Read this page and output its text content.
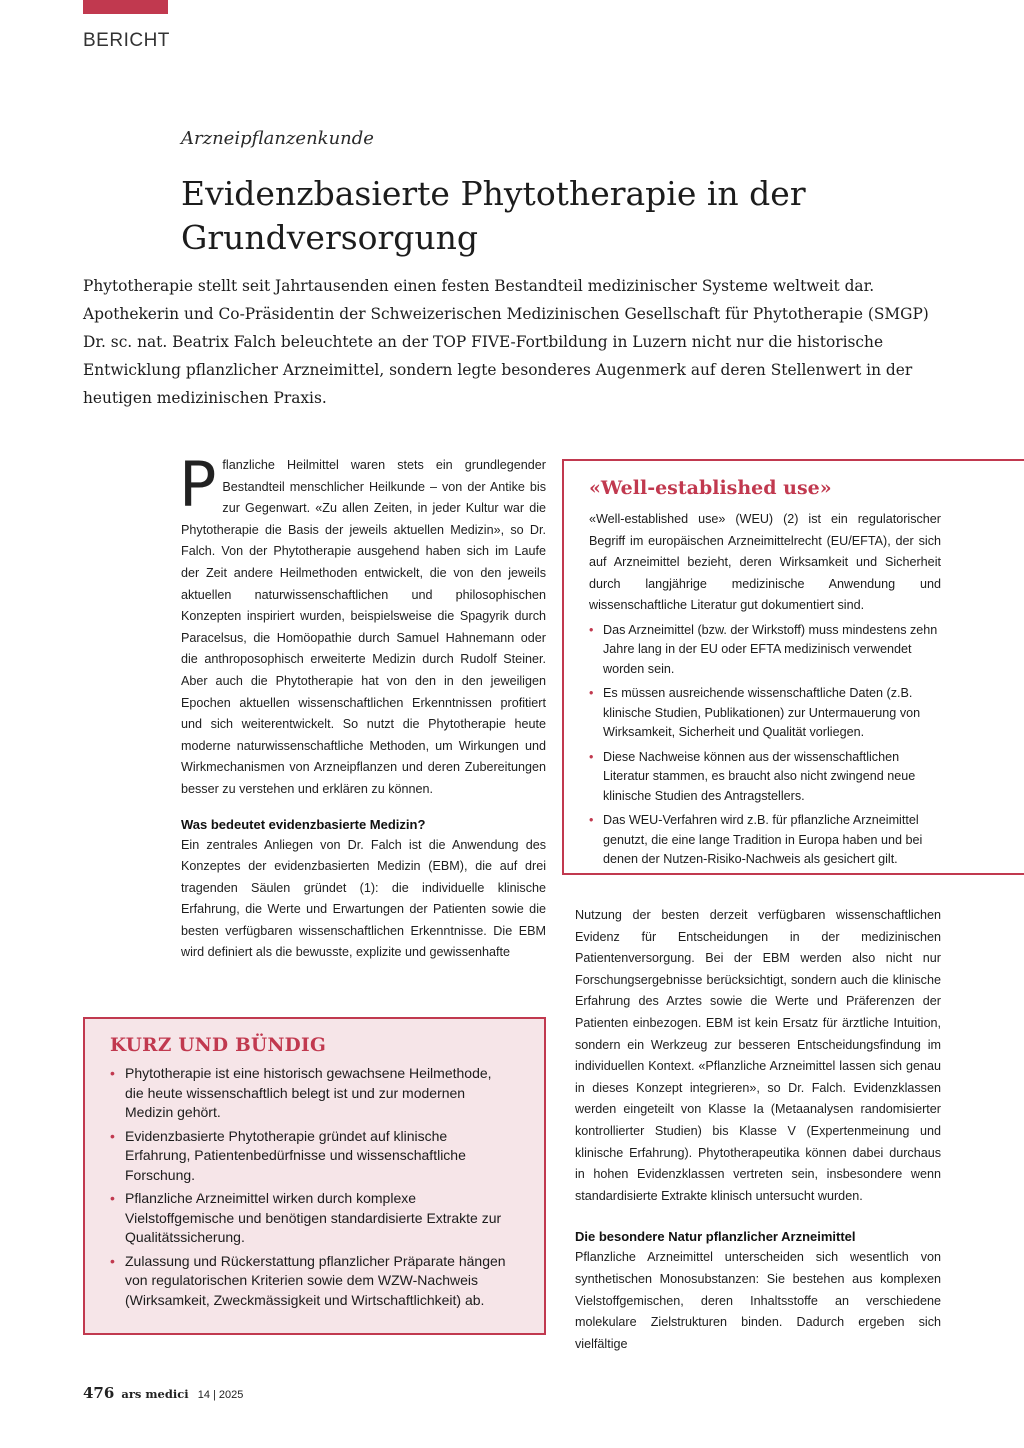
BERICHT
Arzneipflanzenkunde
Evidenzbasierte Phytotherapie in der Grundversorgung

Phytotherapie stellt seit Jahrtausenden einen festen Bestandteil medizinischer Systeme weltweit dar. Apothekerin und Co-Präsidentin der Schweizerischen Medizinischen Gesellschaft für Phytotherapie (SMGP) Dr. sc. nat. Beatrix Falch beleuchtete an der TOP FIVE-Fortbildung in Luzern nicht nur die historische Entwicklung pflanzlicher Arzneimittel, sondern legte besonderes Augenmerk auf deren Stellenwert in der heutigen medizinischen Praxis.

Pflanzliche Heilmittel waren stets ein grundlegender Bestandteil menschlicher Heilkunde – von der Antike bis zur Gegenwart. «Zu allen Zeiten, in jeder Kultur war die Phytotherapie die Basis der jeweils aktuellen Medizin», so Dr. Falch. Von der Phytotherapie ausgehend haben sich im Laufe der Zeit andere Heilmethoden entwickelt, die von den jeweils aktuellen naturwissenschaftlichen und philosophischen Konzepten inspiriert wurden, beispielsweise die Spagyrik durch Paracelsus, die Homöopathie durch Samuel Hahnemann oder die anthroposophisch erweiterte Medizin durch Rudolf Steiner. Aber auch die Phytotherapie hat von den in den jeweiligen Epochen aktuellen wissenschaftlichen Erkenntnissen profitiert und sich weiterentwickelt. So nutzt die Phytotherapie heute moderne naturwissenschaftliche Methoden, um Wirkungen und Wirkmechanismen von Arzneipflanzen und deren Zubereitungen besser zu verstehen und erklären zu können.

Was bedeutet evidenzbasierte Medizin?

Ein zentrales Anliegen von Dr. Falch ist die Anwendung des Konzeptes der evidenzbasierten Medizin (EBM), die auf drei tragenden Säulen gründet (1): die individuelle klinische Erfahrung, die Werte und Erwartungen der Patienten sowie die besten verfügbaren wissenschaftlichen Erkenntnisse. Die EBM wird definiert als die bewusste, explizite und gewissenhafte

«Well-established use»

«Well-established use» (WEU) (2) ist ein regulatorischer Begriff im europäischen Arzneimittelrecht (EU/EFTA), der sich auf Arzneimittel bezieht, deren Wirksamkeit und Sicherheit durch langjährige medizinische Anwendung und wissenschaftliche Literatur gut dokumentiert sind.

• Das Arzneimittel (bzw. der Wirkstoff) muss mindestens zehn Jahre lang in der EU oder EFTA medizinisch verwendet worden sein.
• Es müssen ausreichende wissenschaftliche Daten (z.B. klinische Studien, Publikationen) zur Untermauerung von Wirksamkeit, Sicherheit und Qualität vorliegen.
• Diese Nachweise können aus der wissenschaftlichen Literatur stammen, es braucht also nicht zwingend neue klinische Studien des Antragstellers.
• Das WEU-Verfahren wird z.B. für pflanzliche Arzneimittel genutzt, die eine lange Tradition in Europa haben und bei denen der Nutzen-Risiko-Nachweis als gesichert gilt.

Nutzung der besten derzeit verfügbaren wissenschaftlichen Evidenz für Entscheidungen in der medizinischen Patientenversorgung. Bei der EBM werden also nicht nur Forschungsergebnisse berücksichtigt, sondern auch die klinische Erfahrung des Arztes sowie die Werte und Präferenzen der Patienten einbezogen. EBM ist kein Ersatz für ärztliche Intuition, sondern ein Werkzeug zur besseren Entscheidungsfindung im individuellen Kontext. «Pflanzliche Arzneimittel lassen sich genau in dieses Konzept integrieren», so Dr. Falch. Evidenzklassen werden eingeteilt von Klasse Ia (Metaanalysen randomisierter kontrollierter Studien) bis Klasse V (Expertenmeinung und klinische Erfahrung). Phytotherapeutika können dabei durchaus in hohen Evidenzklassen vertreten sein, insbesondere wenn standardisierte Extrakte klinisch untersucht wurden.

Die besondere Natur pflanzlicher Arzneimittel

Pflanzliche Arzneimittel unterscheiden sich wesentlich von synthetischen Monosubstanzen: Sie bestehen aus komplexen Vielstoffgemischen, deren Inhaltsstoffe an verschiedene molekulare Zielstrukturen binden. Dadurch ergeben sich vielfältige

KURZ UND BÜNDIG
• Phytotherapie ist eine historisch gewachsene Heilmethode, die heute wissenschaftlich belegt ist und zur modernen Medizin gehört.
• Evidenzbasierte Phytotherapie gründet auf klinische Erfahrung, Patientenbedürfnisse und wissenschaftliche Forschung.
• Pflanzliche Arzneimittel wirken durch komplexe Vielstoffgemische und benötigen standardisierte Extrakte zur Qualitätssicherung.
• Zulassung und Rückerstattung pflanzlicher Präparate hängen von regulatorischen Kriterien sowie dem WZW-Nachweis (Wirksamkeit, Zweckmässigkeit und Wirtschaftlichkeit) ab.
476 ars medici 14 | 2025
